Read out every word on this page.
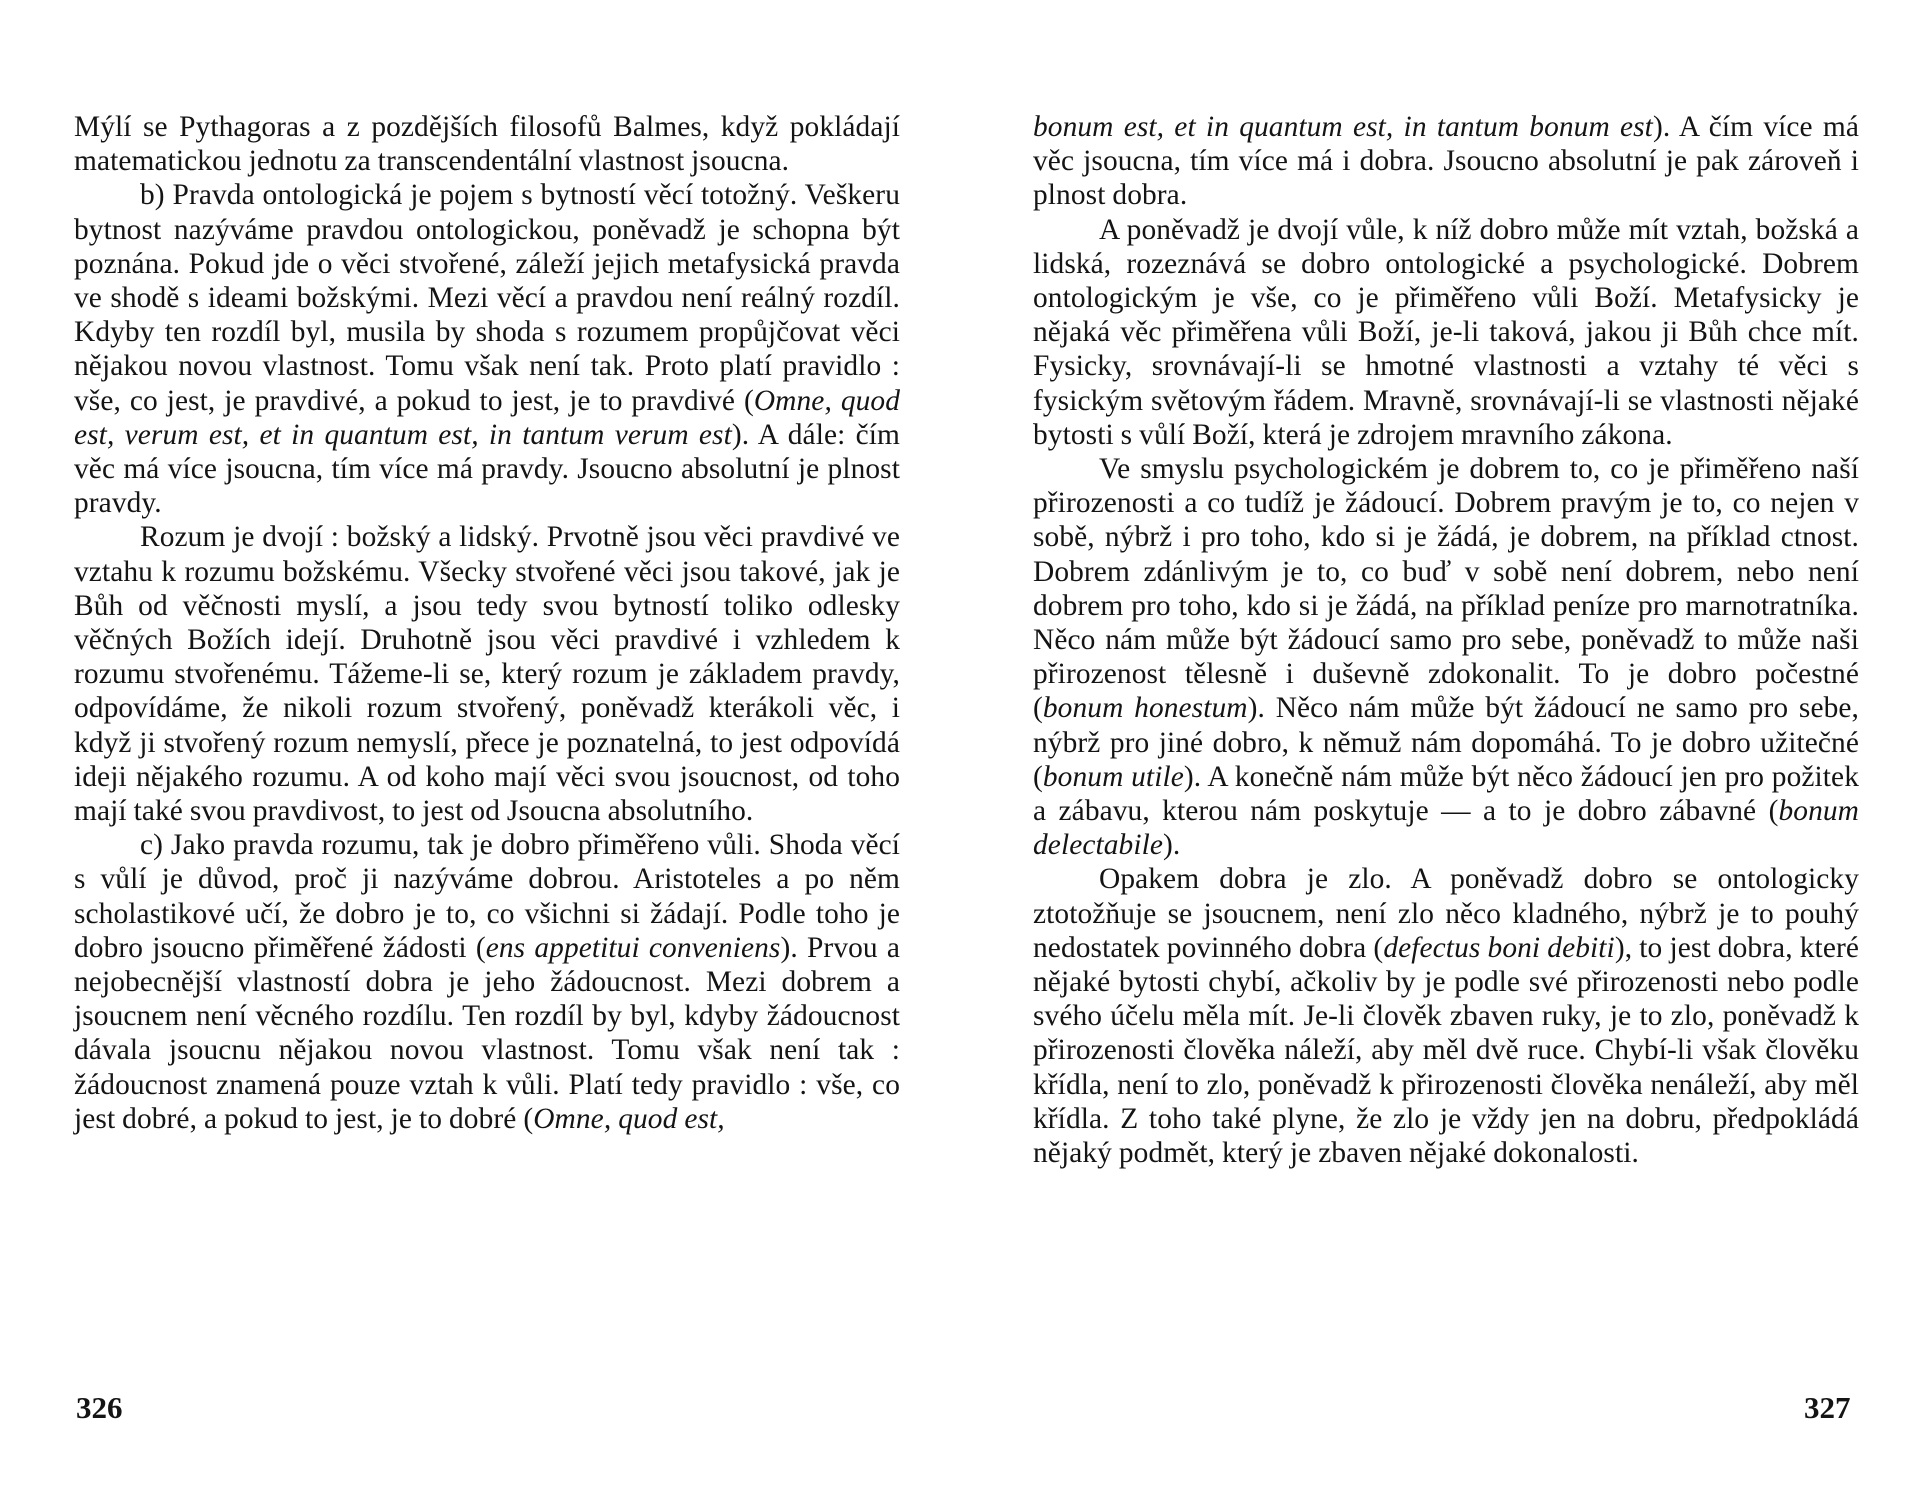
Mýlí se Pythagoras a z pozdějších filosofů Balmes, když pokládají matematickou jednotu za transcendentální vlastnost jsoucna.

b) Pravda ontologická je pojem s bytností věcí totožný. Veškeru bytnost nazýváme pravdou ontologickou, poněvadž je schopna být poznána. Pokud jde o věci stvořené, záleží jejich metafysická pravda ve shodě s ideami božskými. Mezi věcí a pravdou není reálný rozdíl. Kdyby ten rozdíl byl, musila by shoda s rozumem propůjčovat věci nějakou novou vlastnost. Tomu však není tak. Proto platí pravidlo : vše, co jest, je pravdivé, a pokud to jest, je to pravdivé (Omne, quod est, verum est, et in quantum est, in tantum verum est). A dále: čím věc má více jsoucna, tím více má pravdy. Jsoucno absolutní je plnost pravdy.

Rozum je dvojí : božský a lidský. Prvotně jsou věci pravdivé ve vztahu k rozumu božskému. Všecky stvořené věci jsou takové, jak je Bůh od věčnosti myslí, a jsou tedy svou bytností toliko odlesky věčných Božích idejí. Druhotně jsou věci pravdivé i vzhledem k rozumu stvořenému. Tážeme-li se, který rozum je základem pravdy, odpovídáme, že nikoli rozum stvořený, poněvadž kterákoli věc, i když ji stvořený rozum nemyslí, přece je poznatelná, to jest odpovídá ideji nějakého rozumu. A od koho mají věci svou jsoucnost, od toho mají také svou pravdivost, to jest od Jsoucna absolutního.

c) Jako pravda rozumu, tak je dobro přiměřeno vůli. Shoda věcí s vůlí je důvod, proč ji nazýváme dobrou. Aristoteles a po něm scholastikové učí, že dobro je to, co všichni si žádají. Podle toho je dobro jsoucno přiměřené žádosti (ens appetitui conveniens). Prvou a nejobecnější vlastností dobra je jeho žádoucnost. Mezi dobrem a jsoucnem není věcného rozdílu. Ten rozdíl by byl, kdyby žádoucnost dávala jsoucnu nějakou novou vlastnost. Tomu však není tak : žádoucnost znamená pouze vztah k vůli. Platí tedy pravidlo : vše, co jest dobré, a pokud to jest, je to dobré (Omne, quod est,

326

bonum est, et in quantum est, in tantum bonum est). A čím více má věc jsoucna, tím více má i dobra. Jsoucno absolutní je pak zároveň i plnost dobra.

A poněvadž je dvojí vůle, k níž dobro může mít vztah, božská a lidská, rozeznává se dobro ontologické a psychologické. Dobrem ontologickým je vše, co je přiměřeno vůli Boží. Metafysicky je nějaká věc přiměřena vůli Boží, je-li taková, jakou ji Bůh chce mít. Fysicky, srovnávají-li se hmotné vlastnosti a vztahy té věci s fysickým světovým řádem. Mravně, srovnávají-li se vlastnosti nějaké bytosti s vůlí Boží, která je zdrojem mravního zákona.

Ve smyslu psychologickém je dobrem to, co je přiměřeno naší přirozenosti a co tudíž je žádoucí. Dobrem pravým je to, co nejen v sobě, nýbrž i pro toho, kdo si je žádá, je dobrem, na příklad ctnost. Dobrem zdánlivým je to, co buď v sobě není dobrem, nebo není dobrem pro toho, kdo si je žádá, na příklad peníze pro marnotratníka. Něco nám může být žádoucí samo pro sebe, poněvadž to může naši přirozenost tělesně i duševně zdokonalit. To je dobro počestné (bonum honestum). Něco nám může být žádoucí ne samo pro sebe, nýbrž pro jiné dobro, k němuž nám dopomáhá. To je dobro užitečné (bonum utile). A konečně nám může být něco žádoucí jen pro požitek a zábavu, kterou nám poskytuje — a to je dobro zábavné (bonum delectabile).

Opakem dobra je zlo. A poněvadž dobro se ontologicky ztotožňuje se jsoucnem, není zlo něco kladného, nýbrž je to pouhý nedostatek povinného dobra (defectus boni debiti), to jest dobra, které nějaké bytosti chybí, ačkoliv by je podle své přirozenosti nebo podle svého účelu měla mít. Je-li člověk zbaven ruky, je to zlo, poněvadž k přirozenosti člověka náleží, aby měl dvě ruce. Chybí-li však člověku křídla, není to zlo, poněvadž k přirozenosti člověka nenáleží, aby měl křídla. Z toho také plyne, že zlo je vždy jen na dobru, předpokládá nějaký podmět, který je zbaven nějaké dokonalosti.

327
